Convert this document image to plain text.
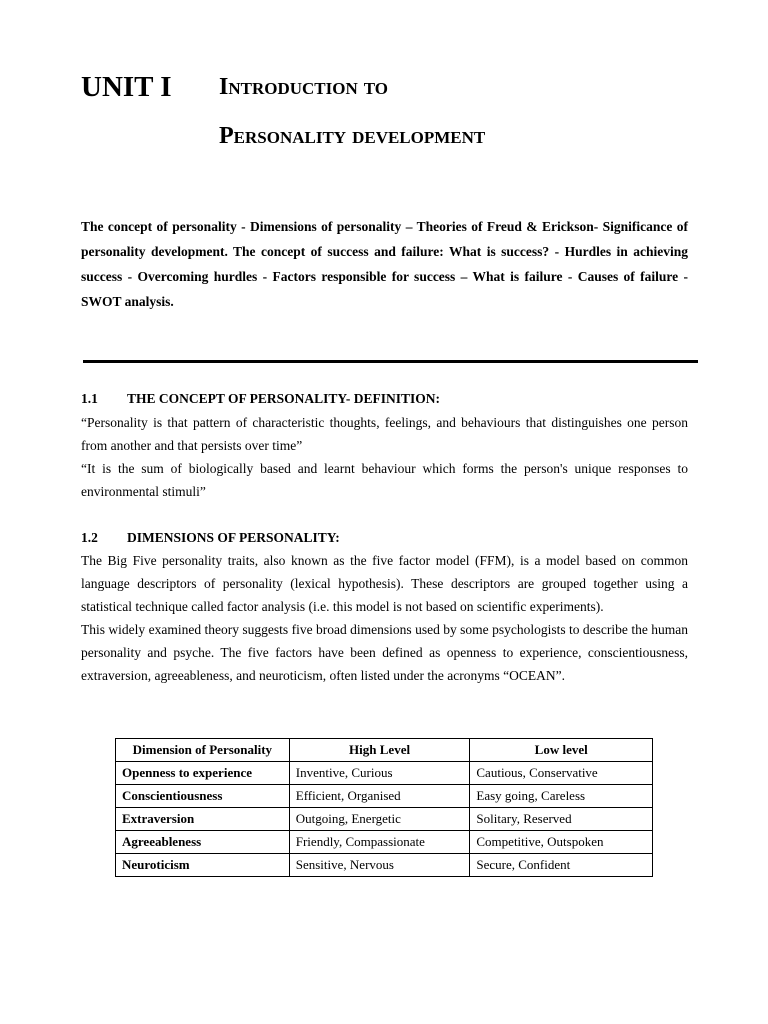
UNIT I Introduction to
Personality development
The concept of personality - Dimensions of personality – Theories of Freud & Erickson- Significance of personality development. The concept of success and failure: What is success? - Hurdles in achieving success - Overcoming hurdles - Factors responsible for success – What is failure - Causes of failure - SWOT analysis.
1.1 THE CONCEPT OF PERSONALITY- DEFINITION:

“Personality is that pattern of characteristic thoughts, feelings, and behaviours that distinguishes one person from another and that persists over time”

“It is the sum of biologically based and learnt behaviour which forms the person's unique responses to environmental stimuli”

1.2 DIMENSIONS OF PERSONALITY:

The Big Five personality traits, also known as the five factor model (FFM), is a model based on common language descriptors of personality (lexical hypothesis). These descriptors are grouped together using a statistical technique called factor analysis (i.e. this model is not based on scientific experiments).

This widely examined theory suggests five broad dimensions used by some psychologists to describe the human personality and psyche. The five factors have been defined as openness to experience, conscientiousness, extraversion, agreeableness, and neuroticism, often listed under the acronyms “OCEAN”.

Dimension of Personality	High Level	Low level
Openness to experience	Inventive, Curious	Cautious, Conservative
Conscientiousness	Efficient, Organised	Easy going, Careless
Extraversion	Outgoing, Energetic	Solitary, Reserved
Agreeableness	Friendly, Compassionate	Competitive, Outspoken
Neuroticism	Sensitive, Nervous	Secure, Confident
